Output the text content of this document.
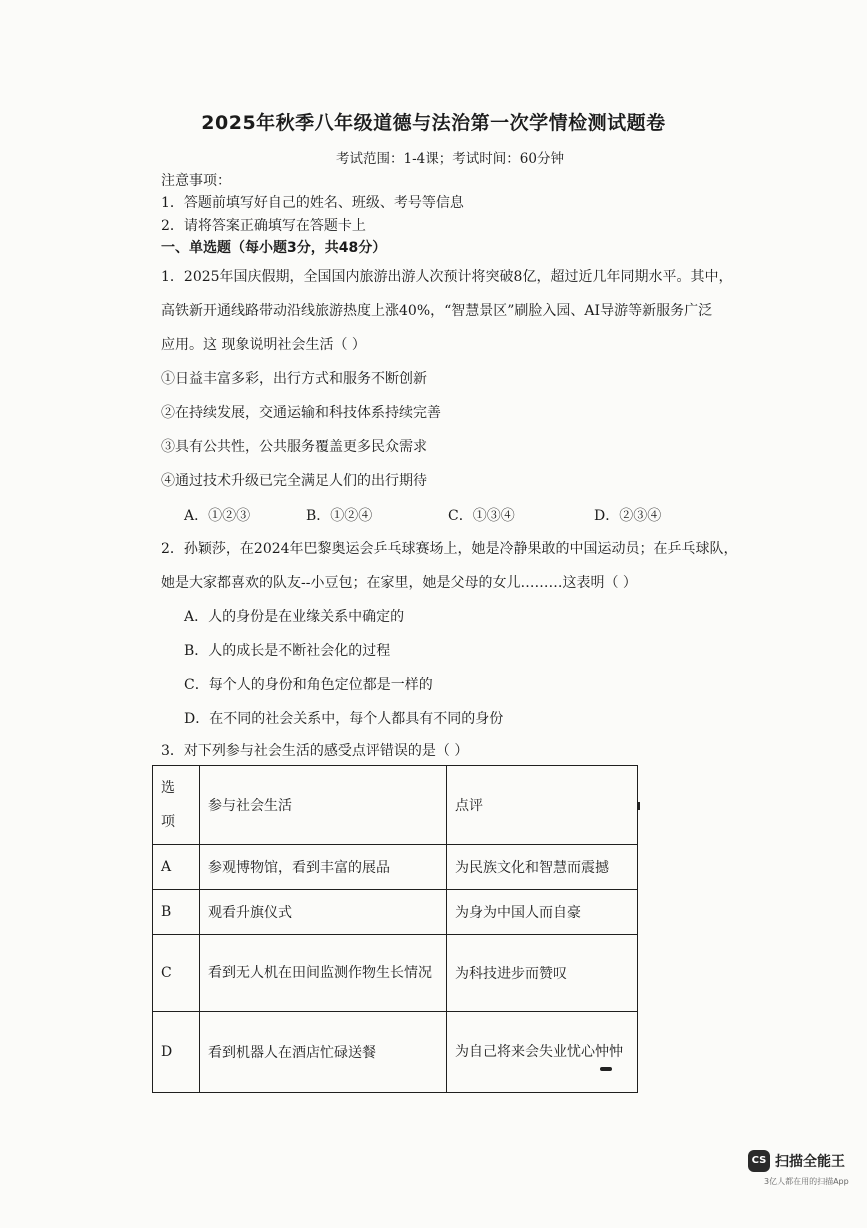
2025年秋季八年级道德与法治第一次学情检测试题卷
考试范围：1-4课；考试时间：60分钟
注意事项：
1．答题前填写好自己的姓名、班级、考号等信息
2．请将答案正确填写在答题卡上
一、单选题（每小题3分，共48分）
1．2025年国庆假期，全国国内旅游出游人次预计将突破8亿，超过近几年同期水平。其中，
高铁新开通线路带动沿线旅游热度上涨40%，“智慧景区”刷脸入园、AI导游等新服务广泛
应用。这 现象说明社会生活（ ）
①日益丰富多彩，出行方式和服务不断创新
②在持续发展，交通运输和科技体系持续完善
③具有公共性，公共服务覆盖更多民众需求
④通过技术升级已完全满足人们的出行期待
A．①②③	B．①②④	C．①③④	D．②③④
2．孙颖莎，在2024年巴黎奥运会乒乓球赛场上，她是冷静果敢的中国运动员；在乒乓球队，
她是大家都喜欢的队友--小豆包；在家里，她是父母的女儿………这表明（ ）
A．人的身份是在业缘关系中确定的
B．人的成长是不断社会化的过程
C．每个人的身份和角色定位都是一样的
D．在不同的社会关系中，每个人都具有不同的身份
3．对下列参与社会生活的感受点评错误的是（ ）
选项	参与社会生活	点评
A	参观博物馆，看到丰富的展品	为民族文化和智慧而震撼
B	观看升旗仪式	为身为中国人而自豪
C	看到无人机在田间监测作物生长情况	为科技进步而赞叹
D	看到机器人在酒店忙碌送餐	为自己将来会失业忧心忡忡
CS 扫描全能王
3亿人都在用的扫描App
